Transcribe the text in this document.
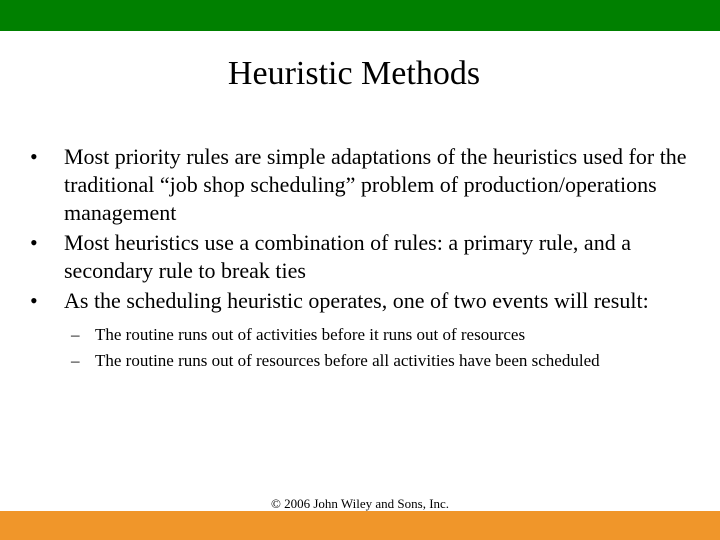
Heuristic Methods
•	Most priority rules are simple adaptations of the heuristics used for the traditional “job shop scheduling” problem of production/operations management
•	Most heuristics use a combination of rules: a primary rule, and a secondary rule to break ties
•	As the scheduling heuristic operates, one of two events will result:
– The routine runs out of activities before it runs out of resources
– The routine runs out of resources before all activities have been scheduled
© 2006 John Wiley and Sons, Inc.
